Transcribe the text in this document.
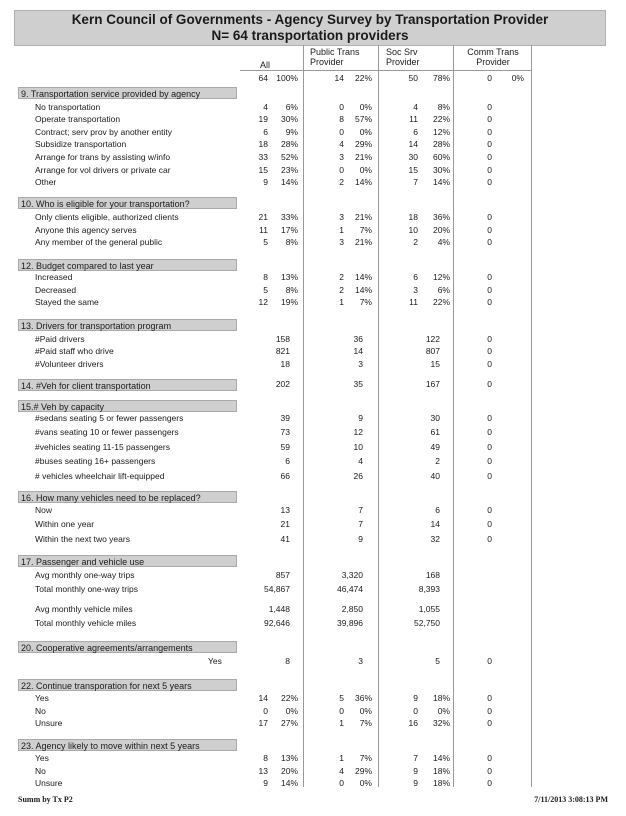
Kern Council of Governments - Agency Survey by Transportation Provider
N= 64 transportation providers
All
Public Trans
Provider
Soc Srv
Provider
Comm Trans
Provider
64 100%	14 22%	50 78%	0 0%
9. Transportation service provided by agency
No transportation	4 6%	0 0%	4 8%	0
Operate transportation	19 30%	8 57%	11 22%	0
Contract; serv prov by another entity	6 9%	0 0%	6 12%	0
Subsidize transportation	18 28%	4 29%	14 28%	0
Arrange for trans by assisting w/info	33 52%	3 21%	30 60%	0
Arrange for vol drivers or private car	15 23%	0 0%	15 30%	0
Other	9 14%	2 14%	7 14%	0
10. Who is eligible for your transportation?
Only clients eligible, authorized clients	21 33%	3 21%	18 36%	0
Anyone this agency serves	11 17%	1 7%	10 20%	0
Any member of the general public	5 8%	3 21%	2 4%	0
12. Budget compared to last year
Increased	8 13%	2 14%	6 12%	0
Decreased	5 8%	2 14%	3 6%	0
Stayed the same	12 19%	1 7%	11 22%	0
13. Drivers for transportation program
#Paid drivers	158	36	122	0
#Paid staff who drive	821	14	807	0
#Volunteer drivers	18	3	15	0
14. #Veh for client transportation	202	35	167	0
15.# Veh by capacity
#sedans seating 5 or fewer passengers	39	9	30	0
#vans seating 10 or fewer passengers	73	12	61	0
#vehicles seating 11-15 passengers	59	10	49	0
#buses seating 16+ passengers	6	4	2	0
# vehicles wheelchair lift-equipped	66	26	40	0
16. How many vehicles need to be replaced?
Now	13	7	6	0
Within one year	21	7	14	0
Within the next two years	41	9	32	0
17. Passenger and vehicle use
Avg monthly one-way trips	857	3,320	168
Total monthly one-way trips	54,867	46,474	8,393
Avg monthly vehicle miles	1,448	2,850	1,055
Total monthly vehicle miles	92,646	39,896	52,750
20. Cooperative agreements/arrangements
Yes	8	3	5	0
22. Continue transporation for next 5 years
Yes	14 22%	5 36%	9 18%	0
No	0 0%	0 0%	0 0%	0
Unsure	17 27%	1 7%	16 32%	0
23. Agency likely to move within next 5 years
Yes	8 13%	1 7%	7 14%	0
No	13 20%	4 29%	9 18%	0
Unsure	9 14%	0 0%	9 18%	0
Summ by Tx P2	7/11/2013 3:08:13 PM
